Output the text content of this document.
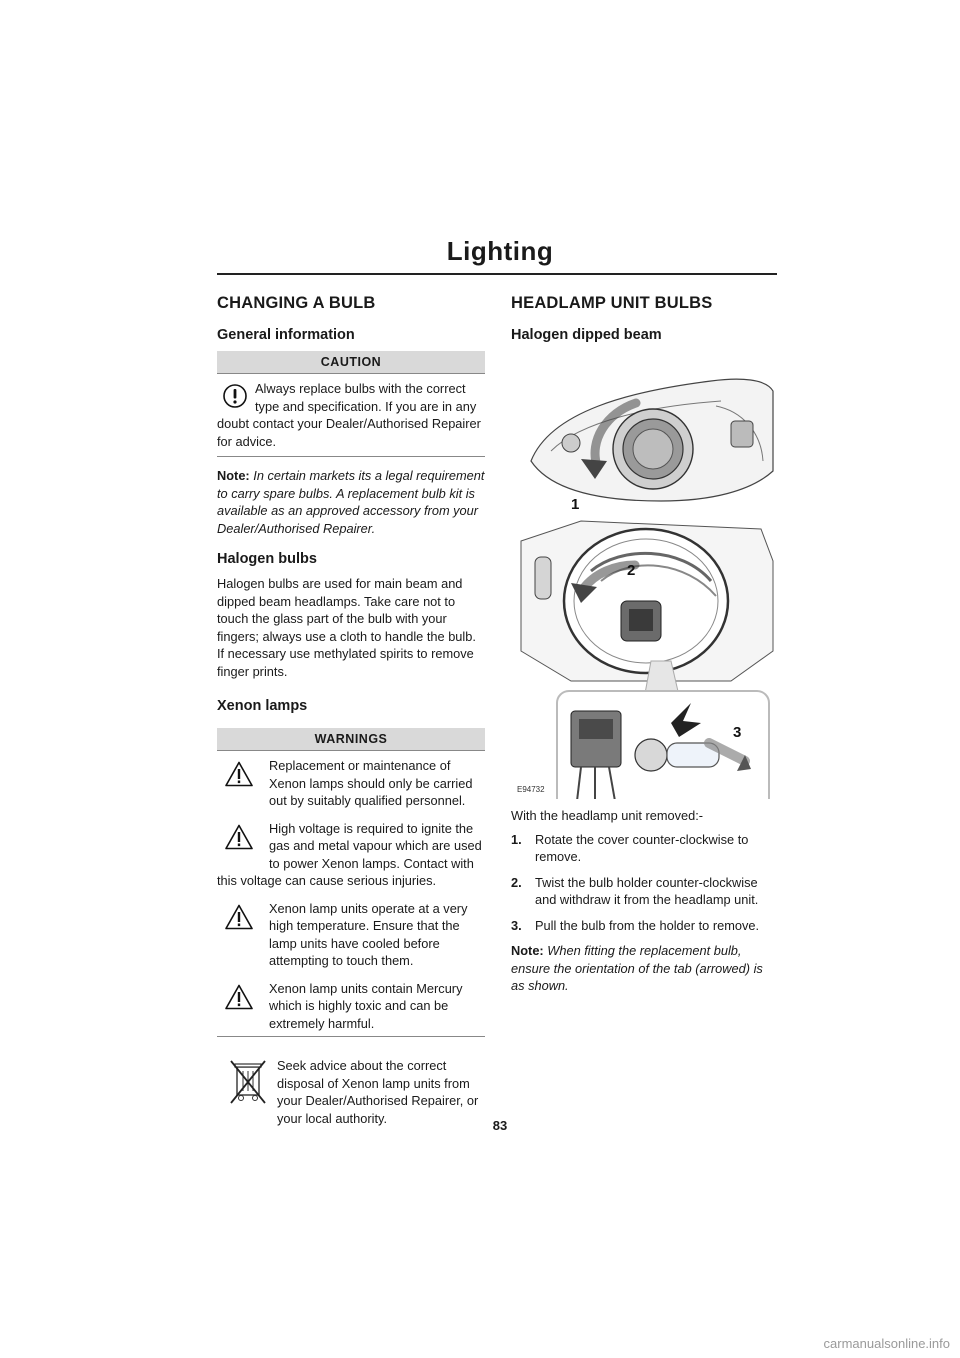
Lighting
CHANGING A BULB
General information
CAUTION

Always replace bulbs with the correct type and specification. If you are in any

doubt contact your Dealer/Authorised Repairer for advice.

Note: In certain markets its a legal requirement to carry spare bulbs. A replacement bulb kit is available as an approved accessory from your Dealer/Authorised Repairer.

Halogen bulbs

Halogen bulbs are used for main beam and dipped beam headlamps. Take care not to touch the glass part of the bulb with your fingers; always use a cloth to handle the bulb. If necessary use methylated spirits to remove finger prints.

Xenon lamps
WARNINGS

Replacement or maintenance of Xenon lamps should only be carried out by suitably qualified personnel.

High voltage is required to ignite the gas and metal vapour which are used to power Xenon lamps. Contact with

this voltage can cause serious injuries.

Xenon lamp units operate at a very high temperature. Ensure that the lamp units have cooled before attempting to touch them.

Xenon lamp units contain Mercury which is highly toxic and can be extremely harmful.

Seek advice about the correct disposal of Xenon lamp units from your Dealer/Authorised Repairer, or your local authority.

HEADLAMP UNIT BULBS
Halogen dipped beam
1
2
3
E94732

With the headlamp unit removed:-

1. Rotate the cover counter-clockwise to remove.
2. Twist the bulb holder counter-clockwise and withdraw it from the headlamp unit.
3. Pull the bulb from the holder to remove.

Note: When fitting the replacement bulb, ensure the orientation of the tab (arrowed) is as shown.

83
carmanualsonline.info
